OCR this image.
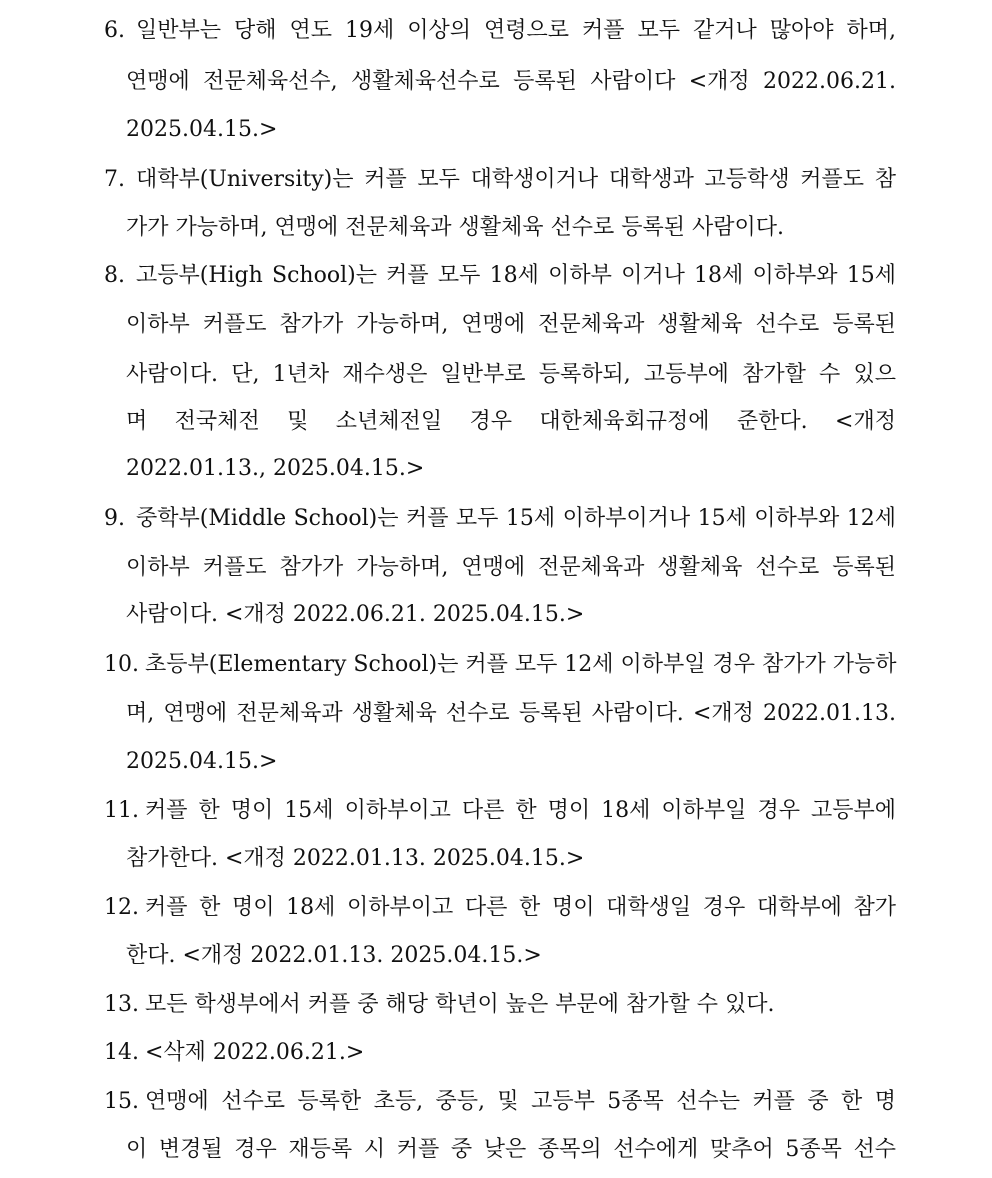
6. 일반부는 당해 연도 19세 이상의 연령으로 커플 모두 같거나 많아야 하며,
연맹에 전문체육선수, 생활체육선수로 등록된 사람이다 <개정 2022.06.21.
2025.04.15.>
7. 대학부(University)는 커플 모두 대학생이거나 대학생과 고등학생 커플도 참
가가 가능하며, 연맹에 전문체육과 생활체육 선수로 등록된 사람이다.
8. 고등부(High School)는 커플 모두 18세 이하부 이거나 18세 이하부와 15세
이하부 커플도 참가가 가능하며, 연맹에 전문체육과 생활체육 선수로 등록된
사람이다. 단, 1년차 재수생은 일반부로 등록하되, 고등부에 참가할 수 있으
며 전국체전 및 소년체전일 경우 대한체육회규정에 준한다. <개정
2022.01.13., 2025.04.15.>
9. 중학부(Middle School)는 커플 모두 15세 이하부이거나 15세 이하부와 12세
이하부 커플도 참가가 가능하며, 연맹에 전문체육과 생활체육 선수로 등록된
사람이다. <개정 2022.06.21. 2025.04.15.>
10. 초등부(Elementary School)는 커플 모두 12세 이하부일 경우 참가가 가능하
며, 연맹에 전문체육과 생활체육 선수로 등록된 사람이다. <개정 2022.01.13.
2025.04.15.>
11. 커플 한 명이 15세 이하부이고 다른 한 명이 18세 이하부일 경우 고등부에
참가한다. <개정 2022.01.13. 2025.04.15.>
12. 커플 한 명이 18세 이하부이고 다른 한 명이 대학생일 경우 대학부에 참가
한다. <개정 2022.01.13. 2025.04.15.>
13. 모든 학생부에서 커플 중 해당 학년이 높은 부문에 참가할 수 있다.
14. <삭제 2022.06.21.>
15. 연맹에 선수로 등록한 초등, 중등, 및 고등부 5종목 선수는 커플 중 한 명
이 변경될 경우 재등록 시 커플 중 낮은 종목의 선수에게 맞추어 5종목 선수
